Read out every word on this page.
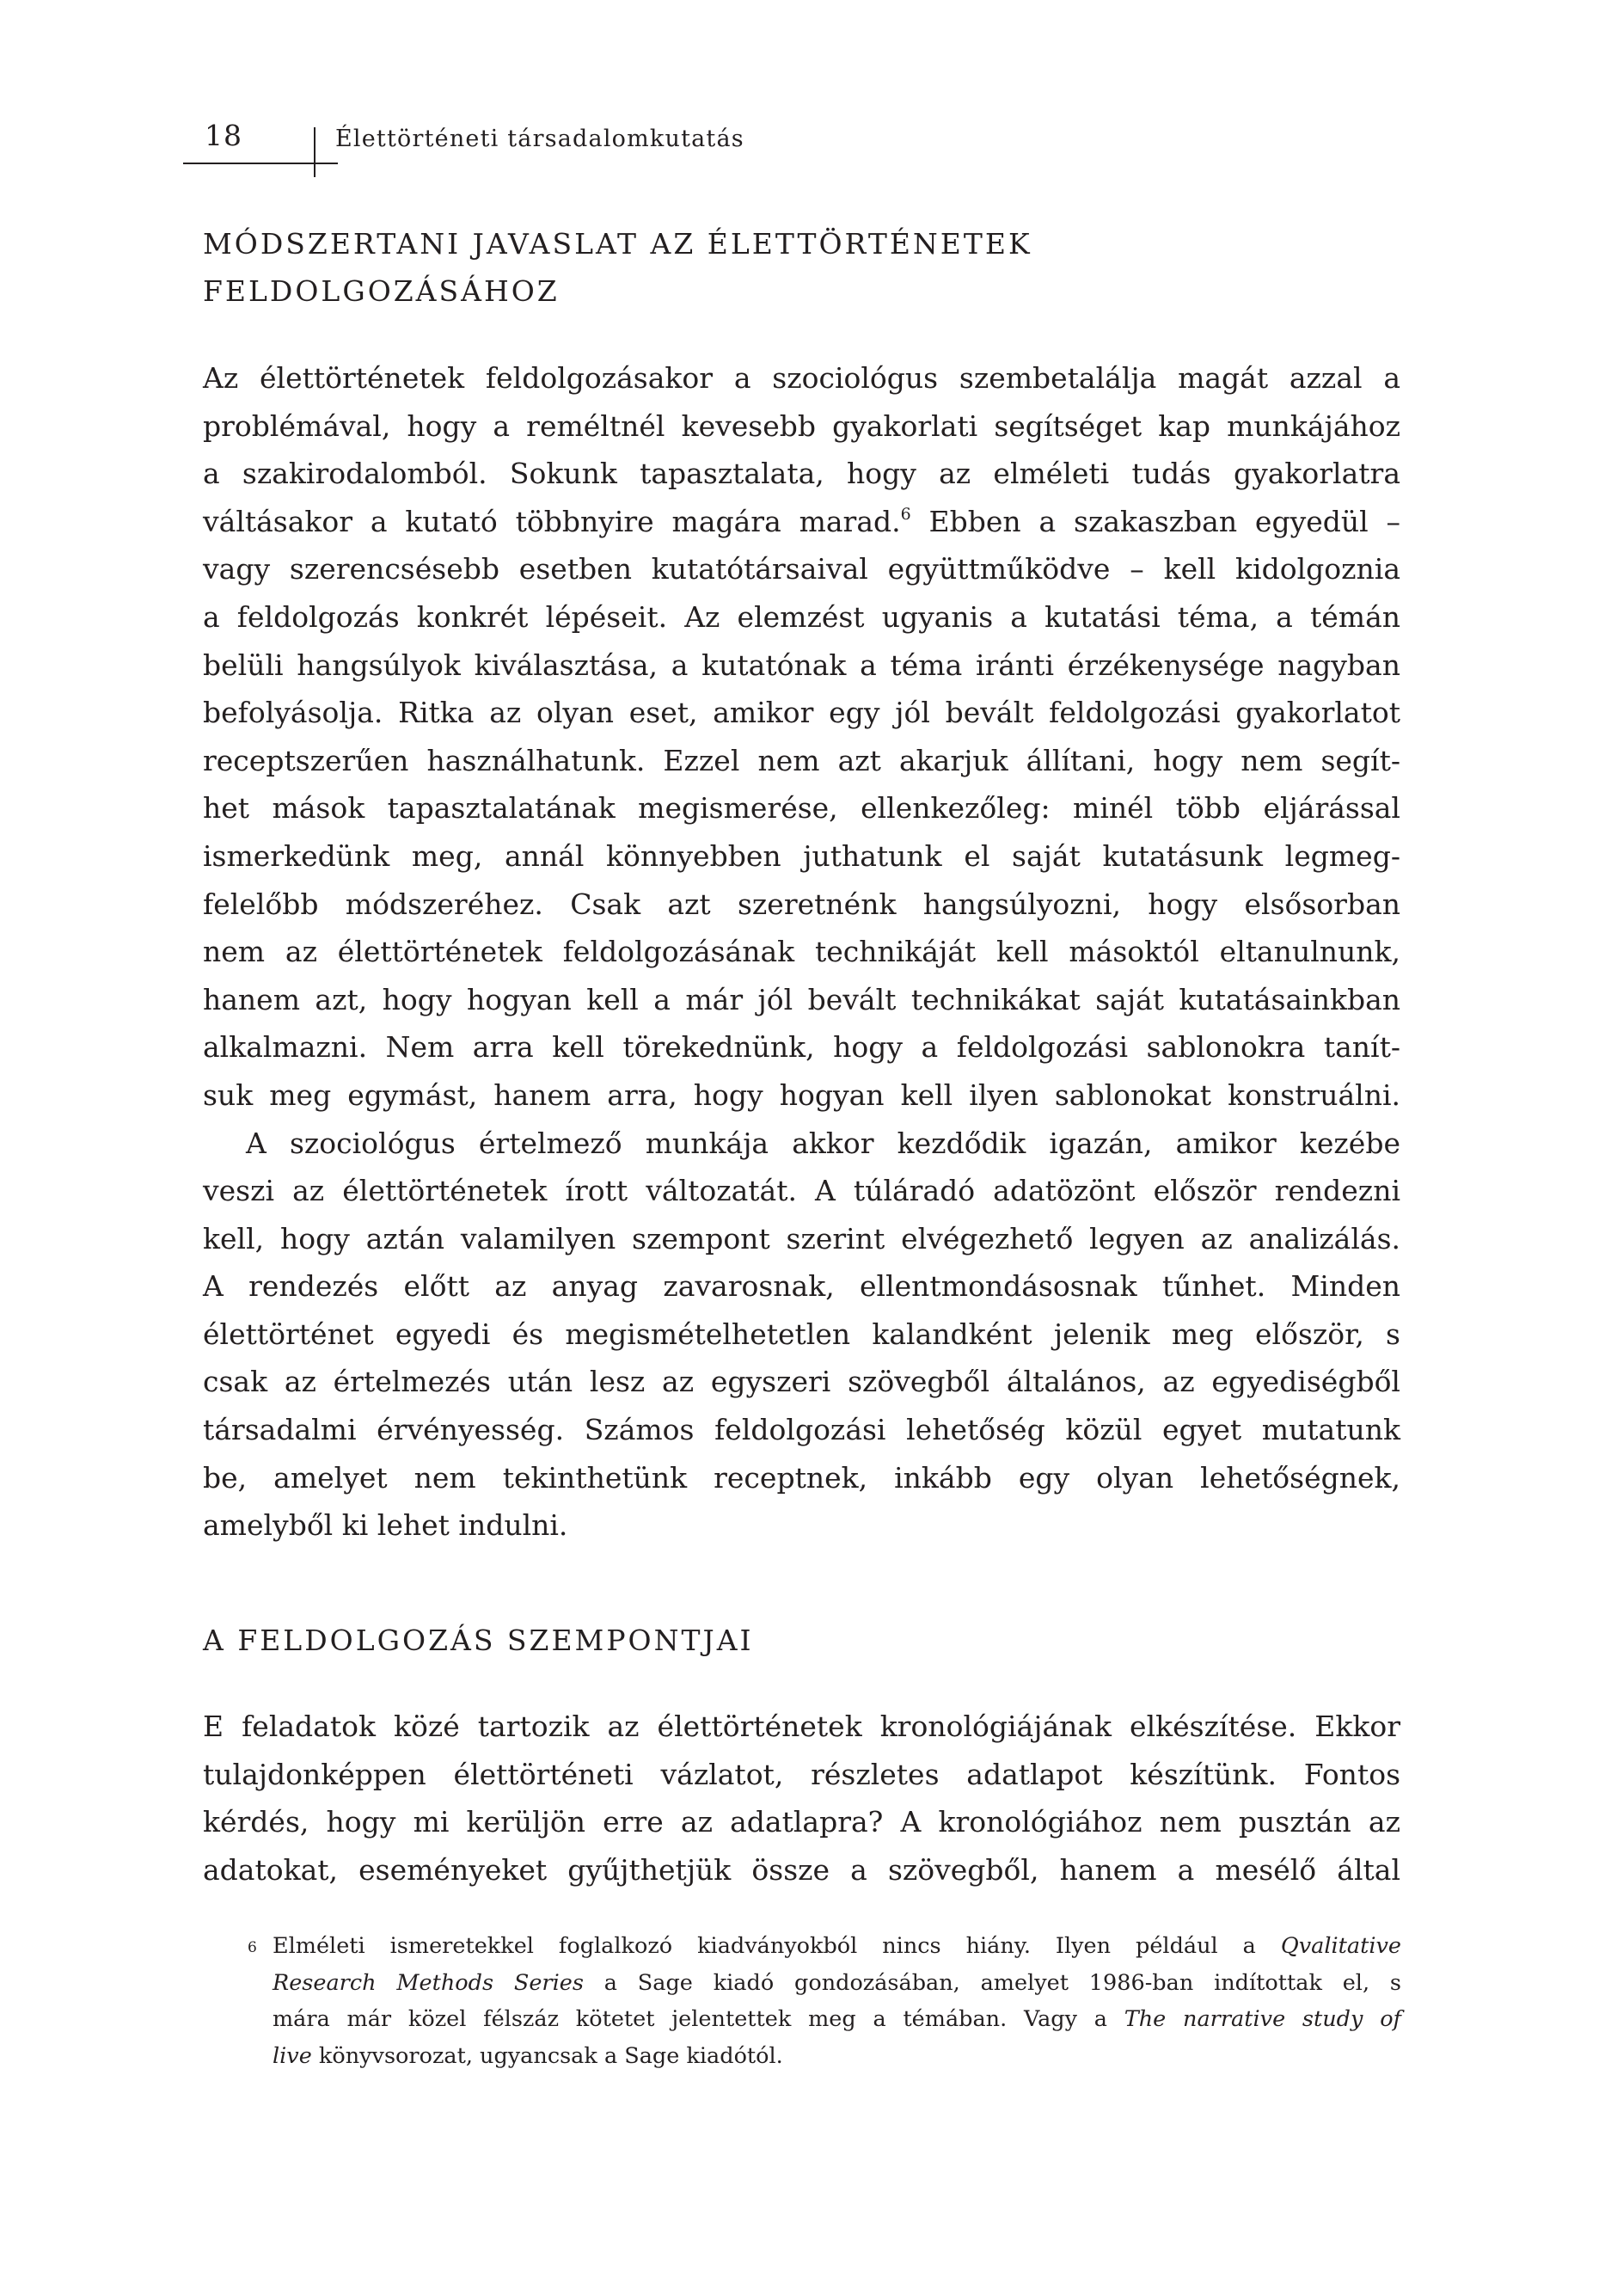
18	Élettörténeti társadalomkutatás
MÓDSZERTANI JAVASLAT AZ ÉLETTÖRTÉNETEK
FELDOLGOZÁSÁHOZ
Az élettörténetek feldolgozásakor a szociológus szembetalálja magát azzal a
problémával, hogy a reméltnél kevesebb gyakorlati segítséget kap munkájához
a szakirodalomból. Sokunk tapasztalata, hogy az elméleti tudás gyakorlatra
váltásakor a kutató többnyire magára marad.$^6$ Ebben a szakaszban egyedül –
vagy szerencsésebb esetben kutatótársaival együttműködve – kell kidolgoznia
a feldolgozás konkrét lépéseit. Az elemzést ugyanis a kutatási téma, a témán
belüli hangsúlyok kiválasztása, a kutatónak a téma iránti érzékenysége nagyban
befolyásolja. Ritka az olyan eset, amikor egy jól bevált feldolgozási gyakorlatot
receptszerűen használhatunk. Ezzel nem azt akarjuk állítani, hogy nem segít-
het mások tapasztalatának megismerése, ellenkezőleg: minél több eljárással
ismerkedünk meg, annál könnyebben juthatunk el saját kutatásunk legmeg-
felelőbb módszeréhez. Csak azt szeretnénk hangsúlyozni, hogy elsősorban
nem az élettörténetek feldolgozásának technikáját kell másoktól eltanulnunk,
hanem azt, hogy hogyan kell a már jól bevált technikákat saját kutatásainkban
alkalmazni. Nem arra kell törekednünk, hogy a feldolgozási sablonokra tanít-
suk meg egymást, hanem arra, hogy hogyan kell ilyen sablonokat konstruálni.
A szociológus értelmező munkája akkor kezdődik igazán, amikor kezébe
veszi az élettörténetek írott változatát. A túláradó adatözönt először rendezni
kell, hogy aztán valamilyen szempont szerint elvégezhető legyen az analizálás.
A rendezés előtt az anyag zavarosnak, ellentmondásosnak tűnhet. Minden
élettörténet egyedi és megismételhetetlen kalandként jelenik meg először, s
csak az értelmezés után lesz az egyszeri szövegből általános, az egyediségből
társadalmi érvényesség. Számos feldolgozási lehetőség közül egyet mutatunk
be, amelyet nem tekinthetünk receptnek, inkább egy olyan lehetőségnek,
amelyből ki lehet indulni.
A FELDOLGOZÁS SZEMPONTJAI
E feladatok közé tartozik az élettörténetek kronológiájának elkészítése. Ekkor
tulajdonképpen élettörténeti vázlatot, részletes adatlapot készítünk. Fontos
kérdés, hogy mi kerüljön erre az adatlapra? A kronológiához nem pusztán az
adatokat, eseményeket gyűjthetjük össze a szövegből, hanem a mesélő által
6 Elméleti ismeretekkel foglalkozó kiadványokból nincs hiány. Ilyen például a Qvalitative
Research Methods Series a Sage kiadó gondozásában, amelyet 1986-ban indítottak el, s
mára már közel félszáz kötetet jelentettek meg a témában. Vagy a The narrative study of
live könyvsorozat, ugyancsak a Sage kiadótól.
